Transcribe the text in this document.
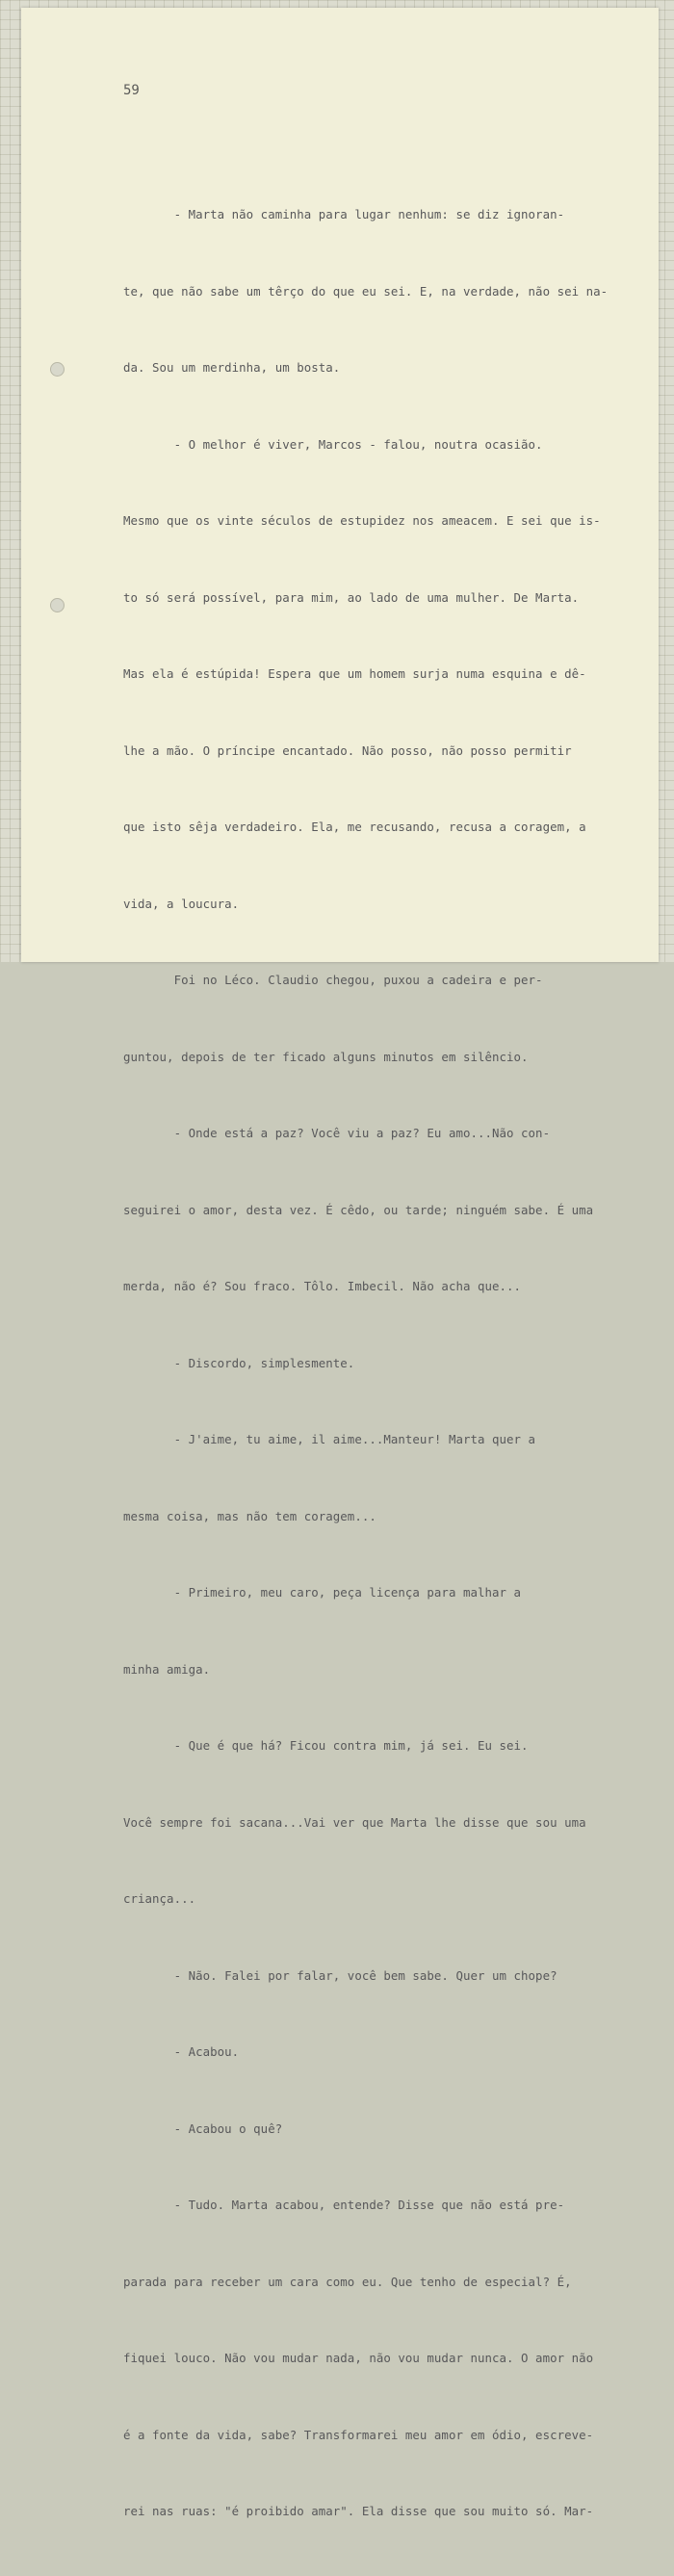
59

- Marta não caminha para lugar nenhum: se diz ignoran-

te, que não sabe um têrço do que eu sei. E, na verdade, não sei na-

da. Sou um merdinha, um bosta.

- O melhor é viver, Marcos - falou, noutra ocasião.

Mesmo que os vinte séculos de estupidez nos ameacem. E sei que is-

to só será possível, para mim, ao lado de uma mulher. De Marta.

Mas ela é estúpida! Espera que um homem surja numa esquina e dê-

lhe a mão. O príncipe encantado. Não posso, não posso permitir

que isto sêja verdadeiro. Ela, me recusando, recusa a coragem, a

vida, a loucura.

Foi no Léco. Claudio chegou, puxou a cadeira e per-

guntou, depois de ter ficado alguns minutos em silêncio.

- Onde está a paz? Você viu a paz? Eu amo...Não con-

seguirei o amor, desta vez. É cêdo, ou tarde; ninguém sabe. É uma

merda, não é? Sou fraco. Tôlo. Imbecil. Não acha que...

- Discordo, simplesmente.

- J'aime, tu aime, il aime...Manteur! Marta quer a

mesma coisa, mas não tem coragem...

- Primeiro, meu caro, peça licença para malhar a

minha amiga.

- Que é que há? Ficou contra mim, já sei. Eu sei.

Você sempre foi sacana...Vai ver que Marta lhe disse que sou uma

criança...

- Não. Falei por falar, você bem sabe. Quer um chope?

- Acabou.

- Acabou o quê?

- Tudo. Marta acabou, entende? Disse que não está pre-

parada para receber um cara como eu. Que tenho de especial? É,

fiquei louco. Não vou mudar nada, não vou mudar nunca. O amor não

é a fonte da vida, sabe? Transformarei meu amor em ódio, escreve-

rei nas ruas: "é proibido amar". Ela disse que sou muito só. Mar-
